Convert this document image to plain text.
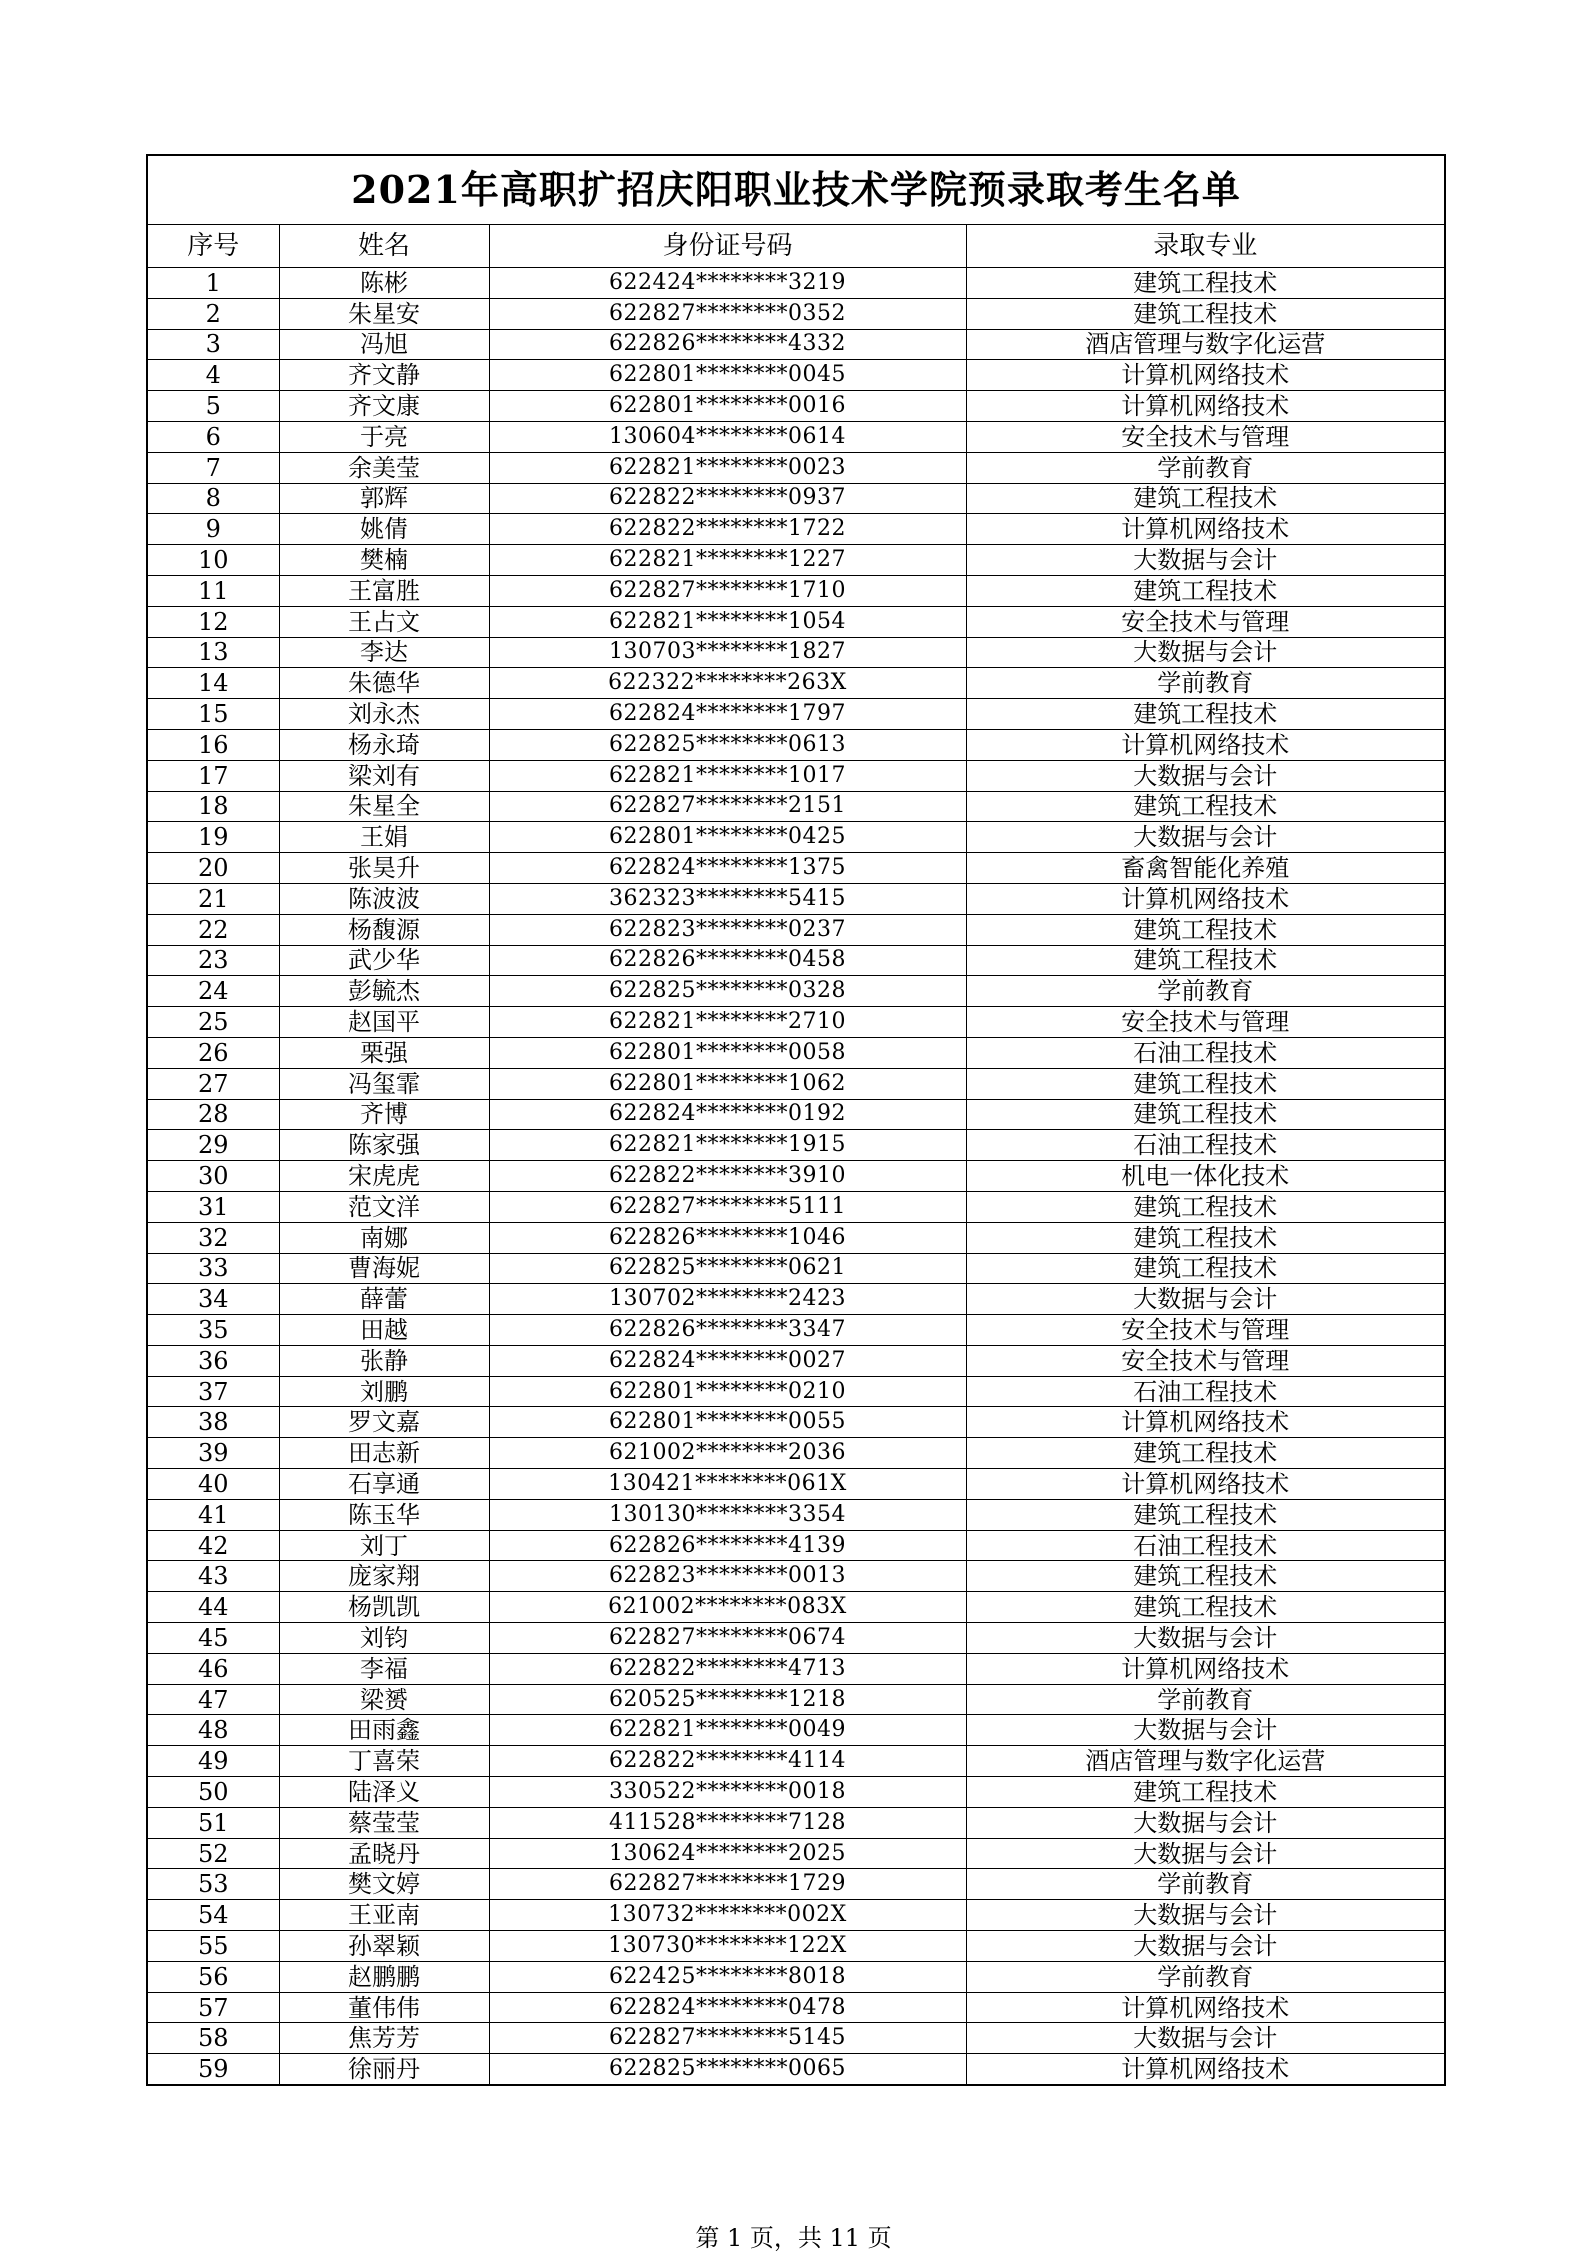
2021年高职扩招庆阳职业技术学院预录取考生名单			
序号	姓名	身份证号码	录取专业
1	陈彬	622424********3219	建筑工程技术
2	朱星安	622827********0352	建筑工程技术
3	冯旭	622826********4332	酒店管理与数字化运营
4	齐文静	622801********0045	计算机网络技术
5	齐文康	622801********0016	计算机网络技术
6	于亮	130604********0614	安全技术与管理
7	余美莹	622821********0023	学前教育
8	郭辉	622822********0937	建筑工程技术
9	姚倩	622822********1722	计算机网络技术
10	樊楠	622821********1227	大数据与会计
11	王富胜	622827********1710	建筑工程技术
12	王占文	622821********1054	安全技术与管理
13	李达	130703********1827	大数据与会计
14	朱德华	622322********263X	学前教育
15	刘永杰	622824********1797	建筑工程技术
16	杨永琦	622825********0613	计算机网络技术
17	梁刘有	622821********1017	大数据与会计
18	朱星全	622827********2151	建筑工程技术
19	王娟	622801********0425	大数据与会计
20	张昊升	622824********1375	畜禽智能化养殖
21	陈波波	362323********5415	计算机网络技术
22	杨馥源	622823********0237	建筑工程技术
23	武少华	622826********0458	建筑工程技术
24	彭毓杰	622825********0328	学前教育
25	赵国平	622821********2710	安全技术与管理
26	栗强	622801********0058	石油工程技术
27	冯玺霏	622801********1062	建筑工程技术
28	齐博	622824********0192	建筑工程技术
29	陈家强	622821********1915	石油工程技术
30	宋虎虎	622822********3910	机电一体化技术
31	范文洋	622827********5111	建筑工程技术
32	南娜	622826********1046	建筑工程技术
33	曹海妮	622825********0621	建筑工程技术
34	薛蕾	130702********2423	大数据与会计
35	田越	622826********3347	安全技术与管理
36	张静	622824********0027	安全技术与管理
37	刘鹏	622801********0210	石油工程技术
38	罗文嘉	622801********0055	计算机网络技术
39	田志新	621002********2036	建筑工程技术
40	石享通	130421********061X	计算机网络技术
41	陈玉华	130130********3354	建筑工程技术
42	刘丁	622826********4139	石油工程技术
43	庞家翔	622823********0013	建筑工程技术
44	杨凯凯	621002********083X	建筑工程技术
45	刘钧	622827********0674	大数据与会计
46	李福	622822********4713	计算机网络技术
47	梁赟	620525********1218	学前教育
48	田雨鑫	622821********0049	大数据与会计
49	丁喜荣	622822********4114	酒店管理与数字化运营
50	陆泽义	330522********0018	建筑工程技术
51	蔡莹莹	411528********7128	大数据与会计
52	孟晓丹	130624********2025	大数据与会计
53	樊文婷	622827********1729	学前教育
54	王亚南	130732********002X	大数据与会计
55	孙翠颖	130730********122X	大数据与会计
56	赵鹏鹏	622425********8018	学前教育
57	董伟伟	622824********0478	计算机网络技术
58	焦芳芳	622827********5145	大数据与会计
59	徐丽丹	622825********0065	计算机网络技术
第 1 页，共 11 页
